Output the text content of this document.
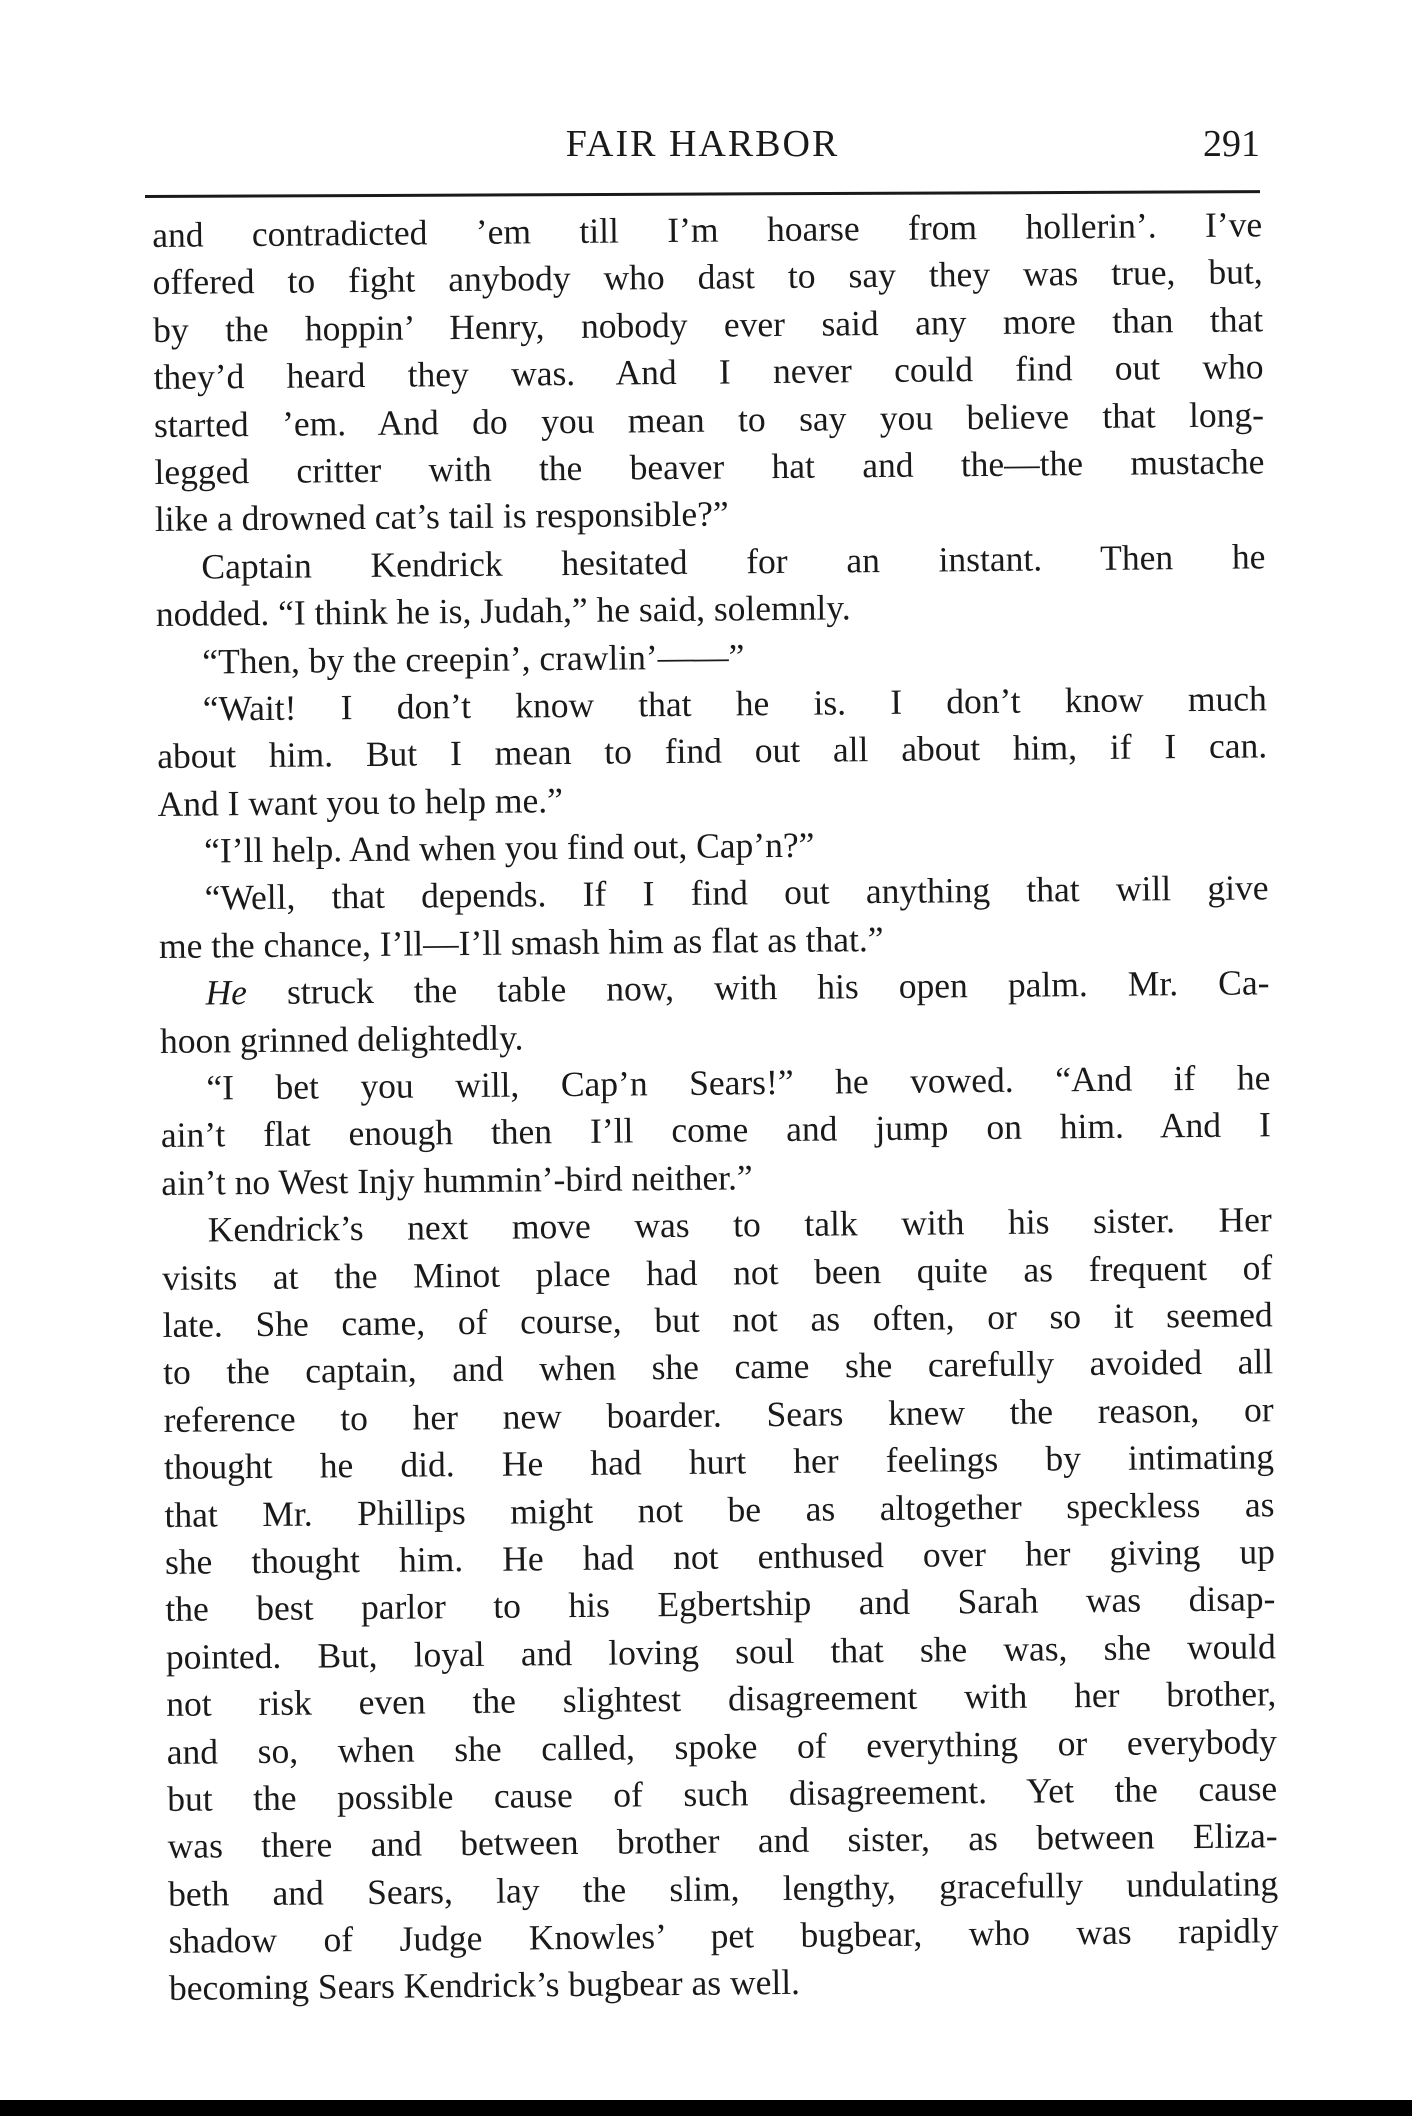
FAIR HARBOR	291
and contradicted ’em till I’m hoarse from hollerin’. I’ve
offered to fight anybody who dast to say they was true, but,
by the hoppin’ Henry, nobody ever said any more than that
they’d heard they was. And I never could find out who
started ’em. And do you mean to say you believe that long-
legged critter with the beaver hat and the—the mustache
like a drowned cat’s tail is responsible?”
Captain Kendrick hesitated for an instant. Then he
nodded. “I think he is, Judah,” he said, solemnly.
“Then, by the creepin’, crawlin’——”
“Wait! I don’t know that he is. I don’t know much
about him. But I mean to find out all about him, if I can.
And I want you to help me.”
“I’ll help. And when you find out, Cap’n?”
“Well, that depends. If I find out anything that will give
me the chance, I’ll—I’ll smash him as flat as that.”
He struck the table now, with his open palm. Mr. Ca-
hoon grinned delightedly.
“I bet you will, Cap’n Sears!” he vowed. “And if he
ain’t flat enough then I’ll come and jump on him. And I
ain’t no West Injy hummin’-bird neither.”
Kendrick’s next move was to talk with his sister. Her
visits at the Minot place had not been quite as frequent of
late. She came, of course, but not as often, or so it seemed
to the captain, and when she came she carefully avoided all
reference to her new boarder. Sears knew the reason, or
thought he did. He had hurt her feelings by intimating
that Mr. Phillips might not be as altogether speckless as
she thought him. He had not enthused over her giving up
the best parlor to his Egbertship and Sarah was disap-
pointed. But, loyal and loving soul that she was, she would
not risk even the slightest disagreement with her brother,
and so, when she called, spoke of everything or everybody
but the possible cause of such disagreement. Yet the cause
was there and between brother and sister, as between Eliza-
beth and Sears, lay the slim, lengthy, gracefully undulating
shadow of Judge Knowles’ pet bugbear, who was rapidly
becoming Sears Kendrick’s bugbear as well.
